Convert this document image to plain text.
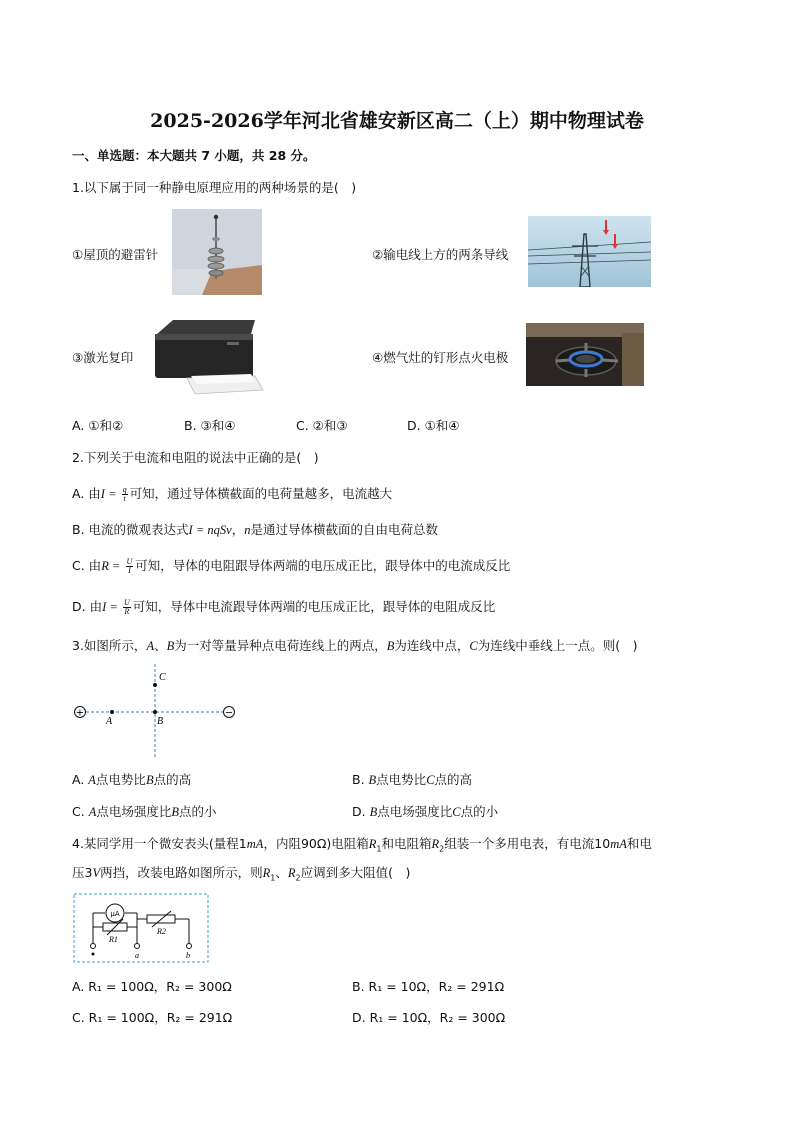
2025-2026学年河北省雄安新区高二（上）期中物理试卷
一、单选题：本大题共 7 小题，共 28 分。
1.以下属于同一种静电原理应用的两种场景的是(　)
①屋顶的避雷针	②输电线上方的两条导线
③激光复印	④燃气灶的钉形点火电极
A. ①和②	B. ③和④	C. ②和③	D. ①和④
2.下列关于电流和电阻的说法中正确的是(　)
A. 由$I = \frac{q}{t}$ 可知，通过导体横截面的电荷量越多，电流越大
B. 电流的微观表达式I = nqSv，n是通过导体横截面的自由电荷总数
C. 由$R = \frac{U}{I}$ 可知，导体的电阻跟导体两端的电压成正比，跟导体中的电流成反比
D. 由$I = \frac{U}{R}$ 可知，导体中电流跟导体两端的电压成正比，跟导体的电阻成反比
3.如图所示，A、B为一对等量异种点电荷连线上的两点，B为连线中点，C为连线中垂线上一点。则(　)
+	−
A	B
C
A. A点电势比B点的高	B. B点电势比C点的高
C. A点电场强度比B点的小	D. B点电场强度比C点的小
4.某同学用一个微安表头(量程1mA，内阻90Ω)电阻箱$R_1$和电阻箱$R_2$组装一个多用电表，有电流10mA和电
压3V两挡，改装电路如图所示，则$R_1$、$R_2$应调到多大阻值(　)
μA
R1
R2
a	b
A. R₁ = 100Ω，R₂ = 300Ω	B. R₁ = 10Ω，R₂ = 291Ω
C. R₁ = 100Ω，R₂ = 291Ω	D. R₁ = 10Ω，R₂ = 300Ω
